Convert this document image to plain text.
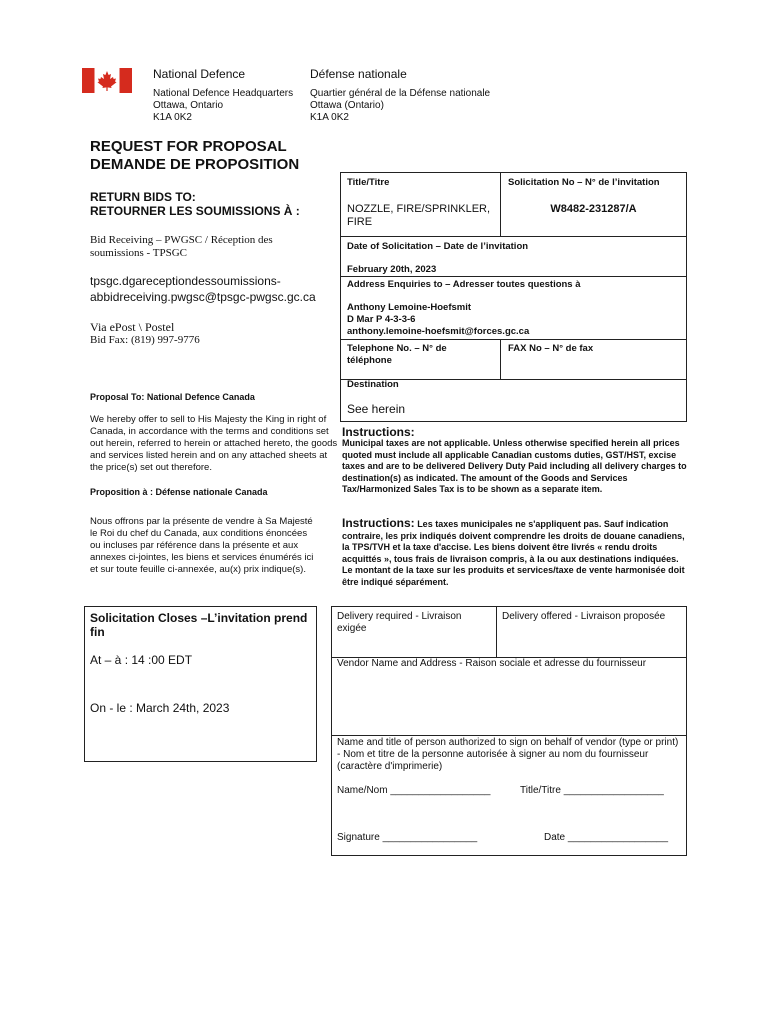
National Defence	Défense nationale
National Defence Headquarters
Ottawa, Ontario
K1A 0K2
Quartier général de la Défense nationale
Ottawa (Ontario)
K1A 0K2
REQUEST FOR PROPOSAL
DEMANDE DE PROPOSITION
RETURN BIDS TO:
RETOURNER LES SOUMISSIONS À :
Bid Receiving – PWGSC / Réception des soumissions - TPSGC
tpsgc.dgareceptiondessoumissions-
abbidreceiving.pwgsc@tpsgc-pwgsc.gc.ca
Via ePost \ Postel
Bid Fax: (819) 997-9776
Proposal To: National Defence Canada
We hereby offer to sell to His Majesty the King in right of Canada, in accordance with the terms and conditions set out herein, referred to herein or attached hereto, the goods and services listed herein and on any attached sheets at the price(s) set out therefore.
Proposition à : Défense nationale Canada
Nous offrons par la présente de vendre à Sa Majesté le Roi du chef du Canada, aux conditions énoncées ou incluses par référence dans la présente et aux annexes ci-jointes, les biens et services énumérés ici et sur toute feuille ci-annexée, au(x) prix indique(s).
Solicitation Closes –L’invitation prend fin
At – à : 14 :00 EDT
On - le : March 24th, 2023
Title/Titre
NOZZLE, FIRE/SPRINKLER, FIRE
Solicitation No – N° de l’invitation
W8482-231287/A
Date of Solicitation – Date de l’invitation
February 20th, 2023
Address Enquiries to – Adresser toutes questions à
Anthony Lemoine-Hoefsmit
D Mar P 4-3-3-6
anthony.lemoine-hoefsmit@forces.gc.ca
Telephone No. – N° de téléphone
FAX No – N° de fax
Destination
See herein
Instructions:
Municipal taxes are not applicable. Unless otherwise specified herein all prices quoted must include all applicable Canadian customs duties, GST/HST, excise taxes and are to be delivered Delivery Duty Paid including all delivery charges to destination(s) as indicated. The amount of the Goods and Services Tax/Harmonized Sales Tax is to be shown as a separate item.
Instructions: Les taxes municipales ne s'appliquent pas. Sauf indication contraire, les prix indiqués doivent comprendre les droits de douane canadiens, la TPS/TVH et la taxe d'accise. Les biens doivent être livrés « rendu droits acquittés », tous frais de livraison compris, à la ou aux destinations indiquées. Le montant de la taxe sur les produits et services/taxe de vente harmonisée doit être indiqué séparément.
Delivery required - Livraison exigée
Delivery offered - Livraison proposée
Vendor Name and Address - Raison sociale et adresse du fournisseur
Name and title of person authorized to sign on behalf of vendor (type or print) - Nom et titre de la personne autorisée à signer au nom du fournisseur (caractère d'imprimerie)
Name/Nom __________________	Title/Titre __________________
Signature _________________	Date __________________
